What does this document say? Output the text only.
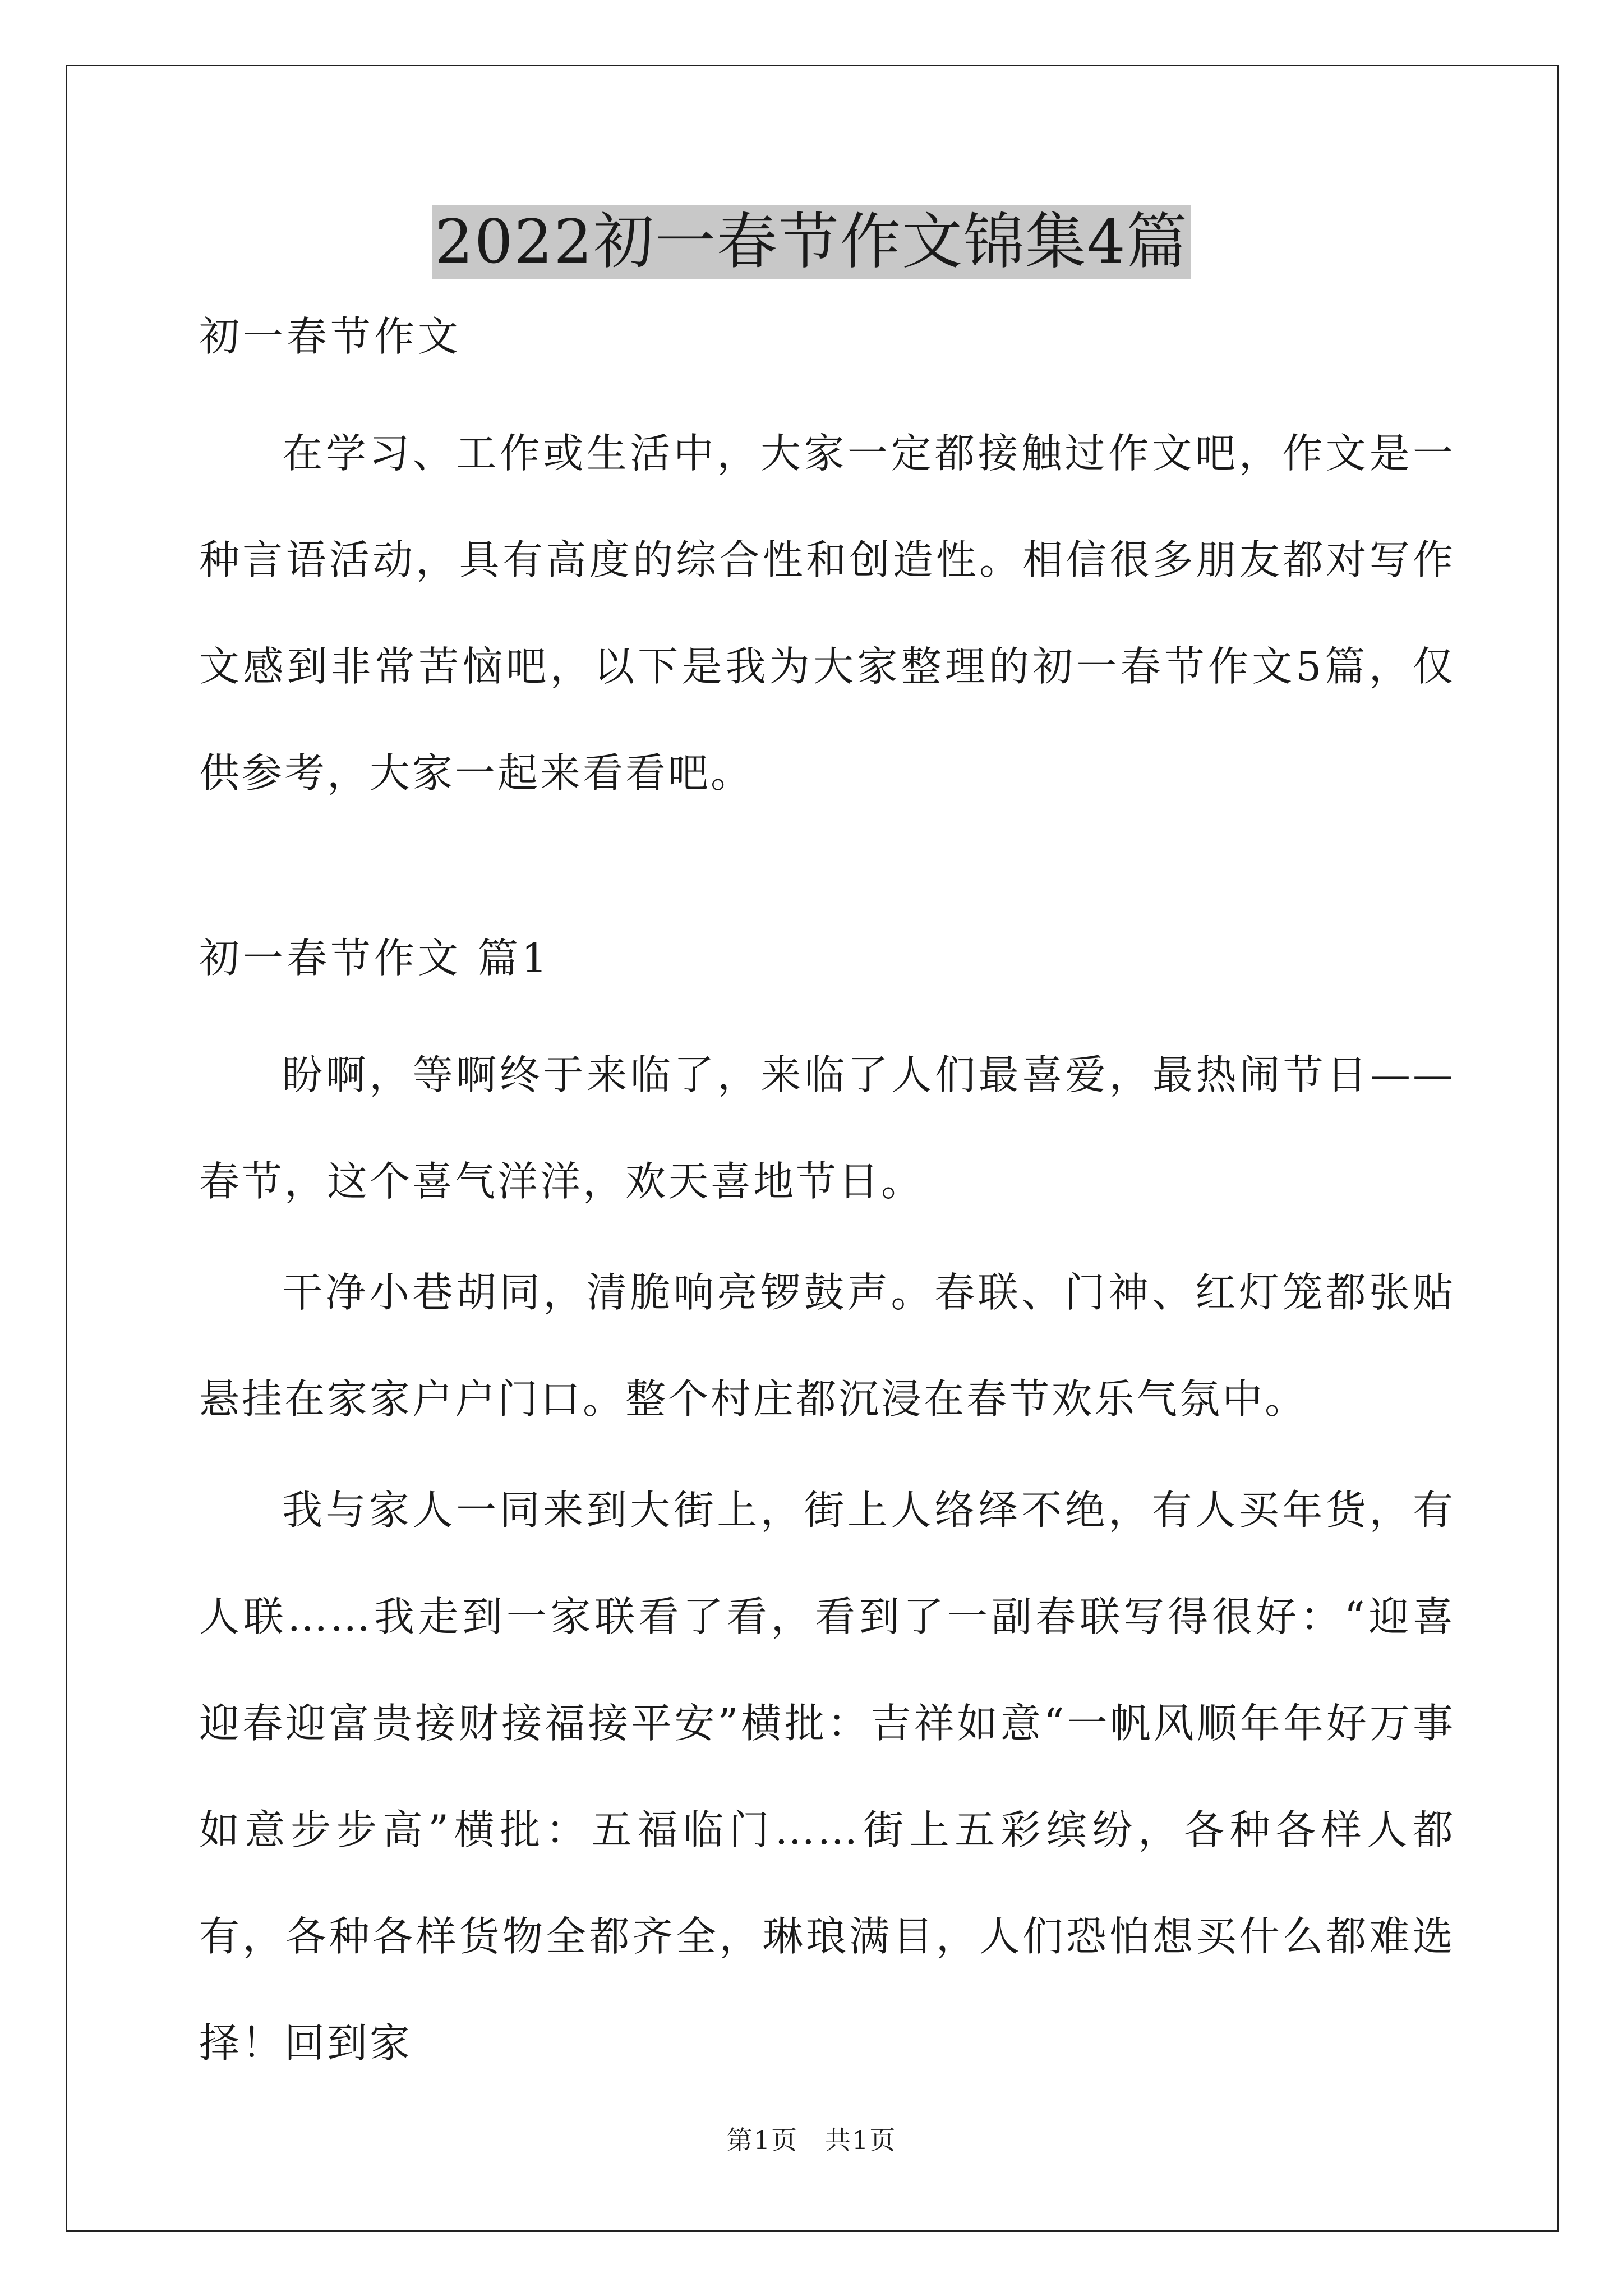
2022初一春节作文锦集4篇

初一春节作文

在学习、工作或生活中，大家一定都接触过作文吧，作文是一种言语活动，具有高度的综合性和创造性。相信很多朋友都对写作文感到非常苦恼吧，以下是我为大家整理的初一春节作文5篇，仅供参考，大家一起来看看吧。

初一春节作文 篇1

盼啊，等啊终于来临了，来临了人们最喜爱，最热闹节日——春节，这个喜气洋洋，欢天喜地节日。

干净小巷胡同，清脆响亮锣鼓声。春联、门神、红灯笼都张贴悬挂在家家户户门口。整个村庄都沉浸在春节欢乐气氛中。

我与家人一同来到大街上，街上人络绎不绝，有人买年货，有人联……我走到一家联看了看，看到了一副春联写得很好：“迎喜迎春迎富贵接财接福接平安”横批：吉祥如意“一帆风顺年年好万事如意步步高”横批：五福临门……街上五彩缤纷，各种各样人都有，各种各样货物全都齐全，琳琅满目，人们恐怕想买什么都难选择！回到家

第1页　共1页
